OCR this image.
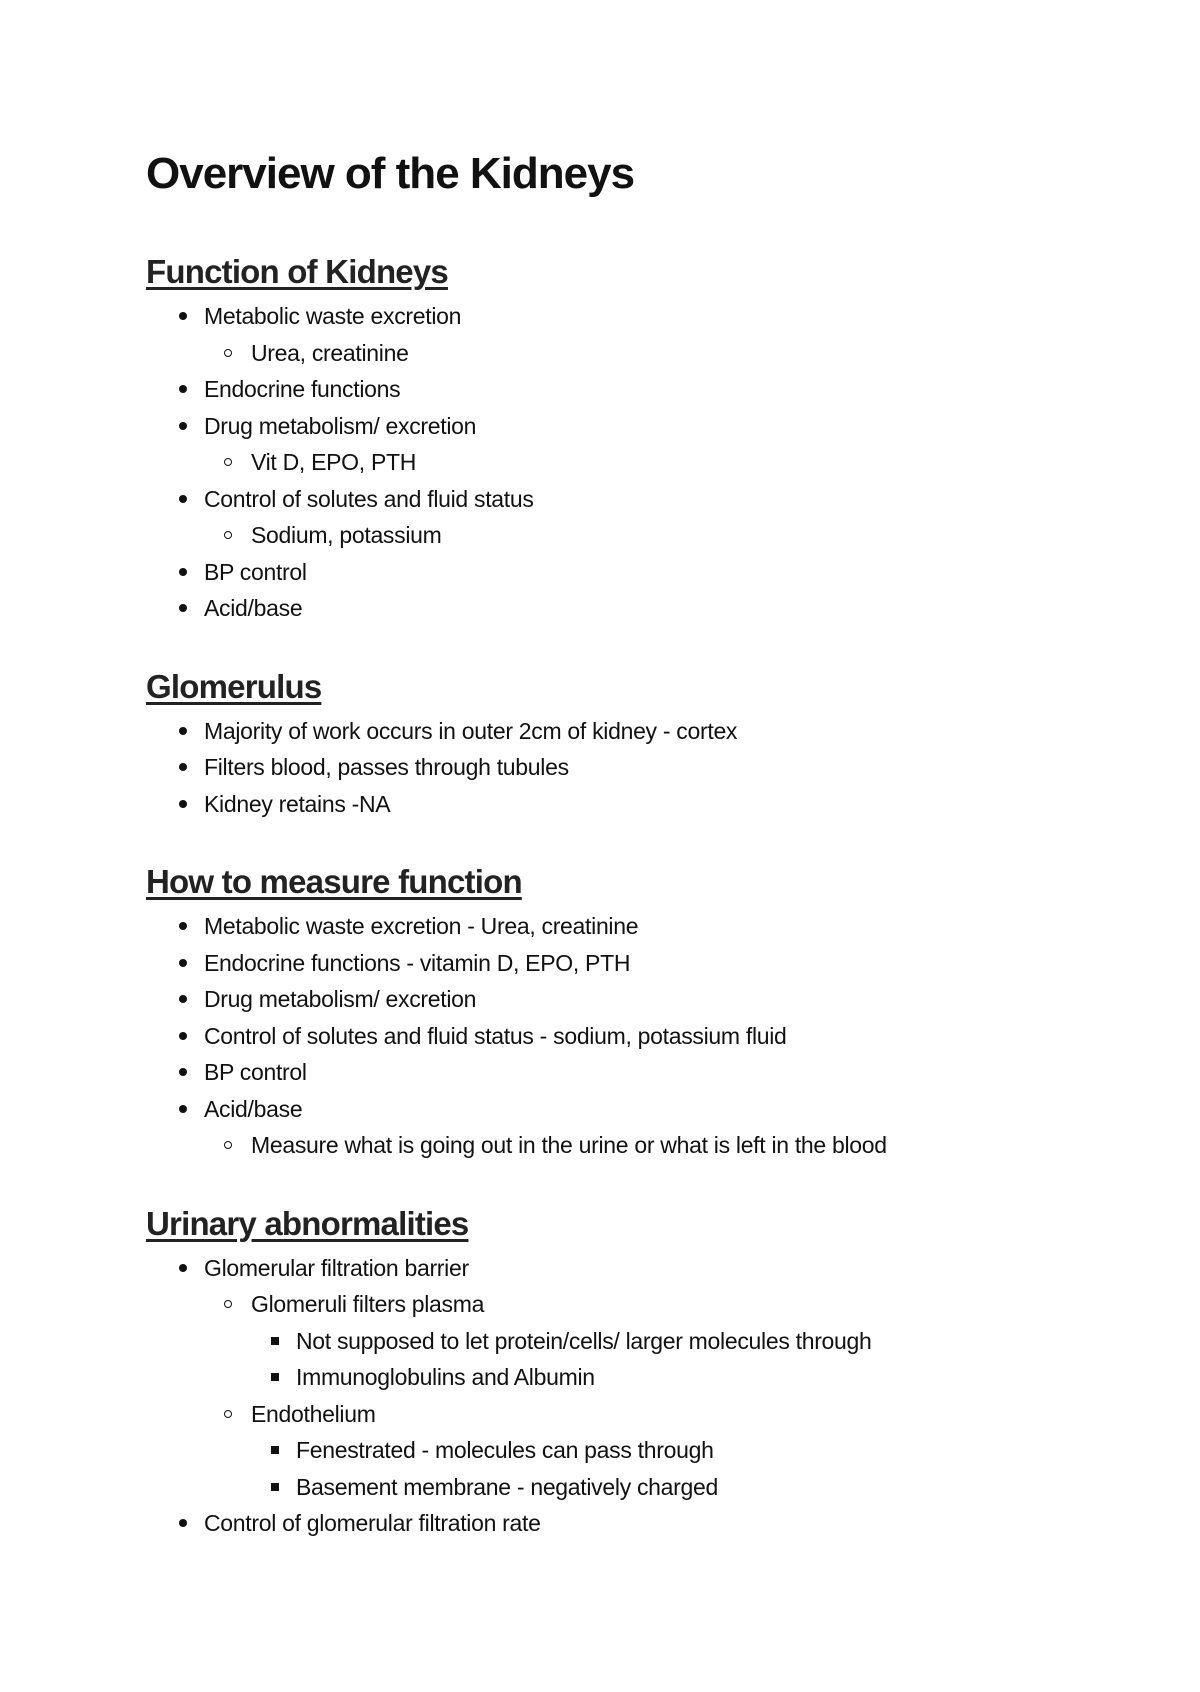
Overview of the Kidneys
Function of Kidneys
Metabolic waste excretion
Urea, creatinine
Endocrine functions
Drug metabolism/ excretion
Vit D, EPO, PTH
Control of solutes and fluid status
Sodium, potassium
BP control
Acid/base
Glomerulus
Majority of work occurs in outer 2cm of kidney - cortex
Filters blood, passes through tubules
Kidney retains -NA
How to measure function
Metabolic waste excretion - Urea, creatinine
Endocrine functions - vitamin D, EPO, PTH
Drug metabolism/ excretion
Control of solutes and fluid status - sodium, potassium fluid
BP control
Acid/base
Measure what is going out in the urine or what is left in the blood
Urinary abnormalities
Glomerular filtration barrier
Glomeruli filters plasma
Not supposed to let protein/cells/ larger molecules through
Immunoglobulins and Albumin
Endothelium
Fenestrated - molecules can pass through
Basement membrane - negatively charged
Control of glomerular filtration rate
